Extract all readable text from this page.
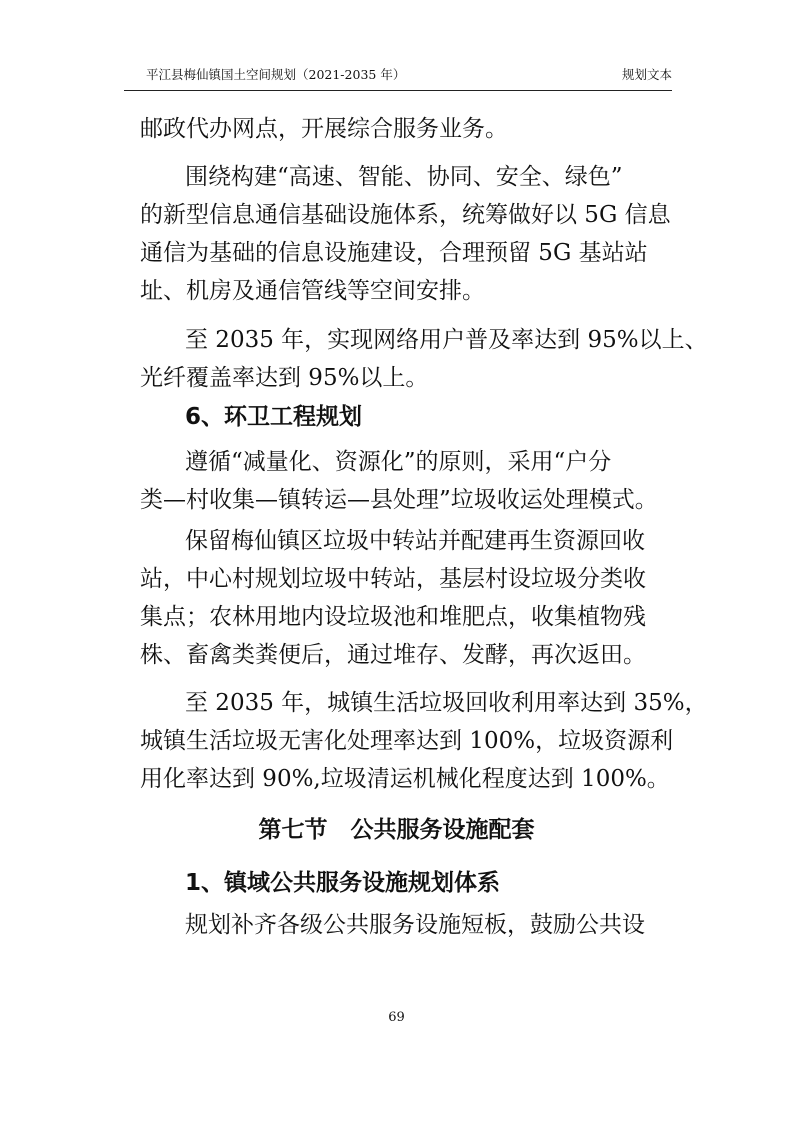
平江县梅仙镇国土空间规划（2021-2035 年）	规划文本
邮政代办网点，开展综合服务业务。
围绕构建“高速、智能、协同、安全、绿色”
的新型信息通信基础设施体系，统筹做好以 5G 信息
通信为基础的信息设施建设，合理预留 5G 基站站
址、机房及通信管线等空间安排。
至 2035 年，实现网络用户普及率达到 95%以上、
光纤覆盖率达到 95%以上。
6、环卫工程规划
遵循“减量化、资源化”的原则，采用“户分
类—村收集—镇转运—县处理”垃圾收运处理模式。
保留梅仙镇区垃圾中转站并配建再生资源回收
站，中心村规划垃圾中转站，基层村设垃圾分类收
集点；农林用地内设垃圾池和堆肥点，收集植物残
株、畜禽类粪便后，通过堆存、发酵，再次返田。
至 2035 年，城镇生活垃圾回收利用率达到 35%，
城镇生活垃圾无害化处理率达到 100%，垃圾资源利
用化率达到 90%,垃圾清运机械化程度达到 100%。
第七节　公共服务设施配套
1、镇域公共服务设施规划体系
规划补齐各级公共服务设施短板，鼓励公共设
69
